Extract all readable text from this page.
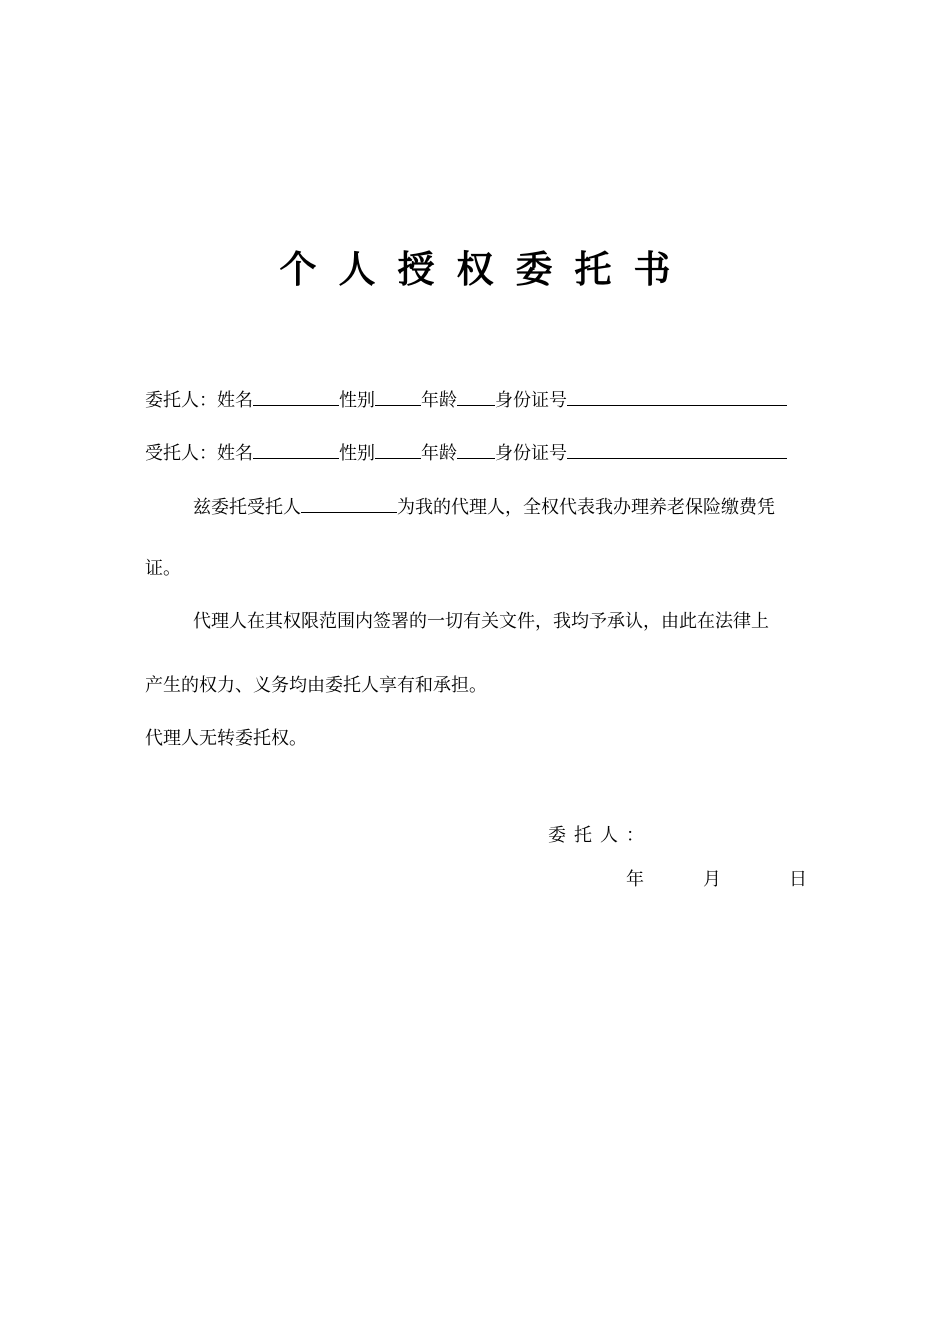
个人授权委托书
委托人：姓名	性别	年龄 身份证号
受托人：姓名	性别	年龄 身份证号
兹委托受托人	为我的代理人，全权代表我办理养老保险缴费凭
证。
代理人在其权限范围内签署的一切有关文件，我均予承认，由此在法律上
产生的权力、义务均由委托人享有和承担。
代理人无转委托权。
委托人：
年	月	日
